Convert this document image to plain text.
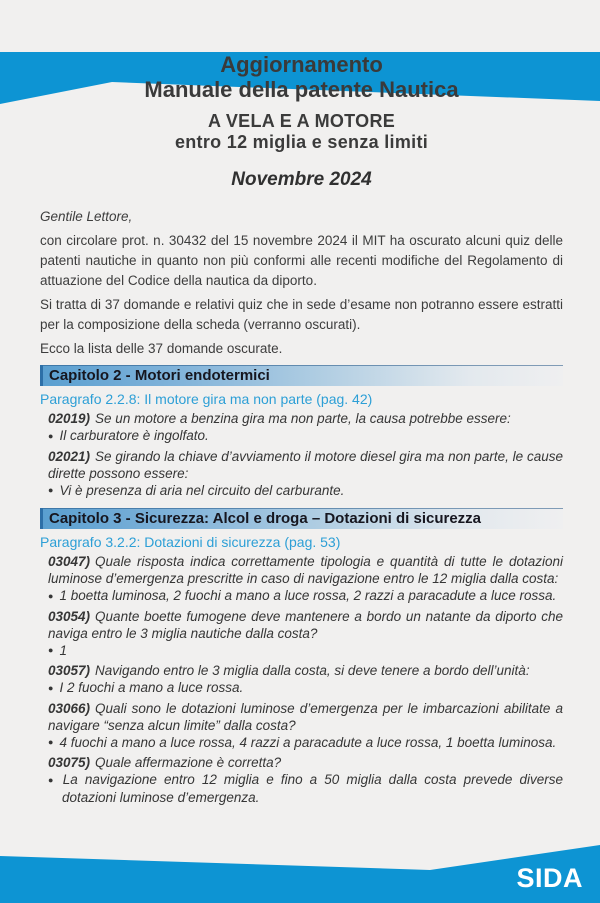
Aggiornamento
Manuale della patente Nautica
A VELA E A MOTORE
entro 12 miglia e senza limiti
Novembre 2024

Gentile Lettore,

con circolare prot. n. 30432 del 15 novembre 2024 il MIT ha oscurato alcuni quiz delle patenti nautiche in quanto non più conformi alle recenti modifiche del Regolamento di attuazione del Codice della nautica da diporto.

Si tratta di 37 domande e relativi quiz che in sede d’esame non potranno essere estratti per la composizione della scheda (verranno oscurati).

Ecco la lista delle 37 domande oscurate.

Capitolo 2 - Motori endotermici
Paragrafo 2.2.8: Il motore gira ma non parte (pag. 42)

02019) Se un motore a benzina gira ma non parte, la causa potrebbe essere:

● Il carburatore è ingolfato.

02021) Se girando la chiave d’avviamento il motore diesel gira ma non parte, le cause dirette possono essere:

● Vi è presenza di aria nel circuito del carburante.

Capitolo 3 - Sicurezza: Alcol e droga – Dotazioni di sicurezza
Paragrafo 3.2.2: Dotazioni di sicurezza (pag. 53)

03047) Quale risposta indica correttamente tipologia e quantità di tutte le dotazioni luminose d’emergenza prescritte in caso di navigazione entro le 12 miglia dalla costa:

● 1 boetta luminosa, 2 fuochi a mano a luce rossa, 2 razzi a paracadute a luce rossa.

03054) Quante boette fumogene deve mantenere a bordo un natante da diporto che naviga entro le 3 miglia nautiche dalla costa?

● 1

03057) Navigando entro le 3 miglia dalla costa, si deve tenere a bordo dell’unità:

● I 2 fuochi a mano a luce rossa.

03066) Quali sono le dotazioni luminose d’emergenza per le imbarcazioni abilitate a navigare “senza alcun limite” dalla costa?

● 4 fuochi a mano a luce rossa, 4 razzi a paracadute a luce rossa, 1 boetta luminosa.

03075) Quale affermazione è corretta?

● La navigazione entro 12 miglia e fino a 50 miglia dalla costa prevede diverse dotazioni luminose d’emergenza.

SIDA
